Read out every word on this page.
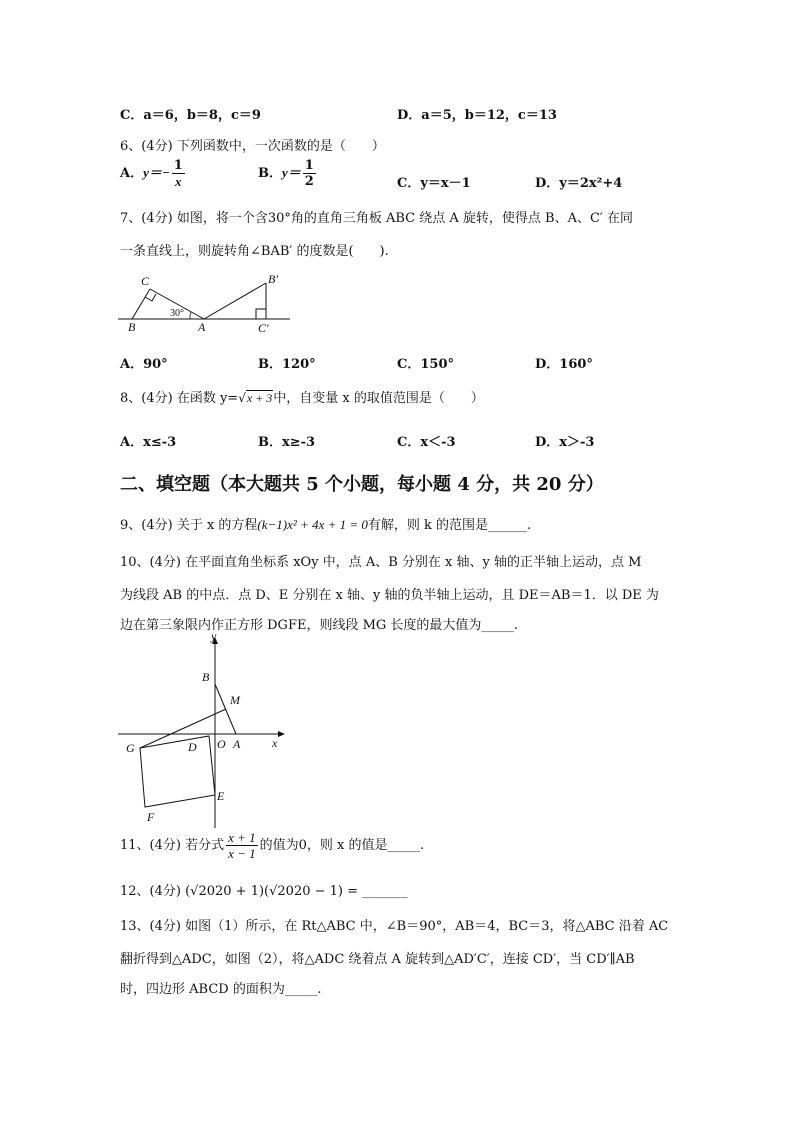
C．a＝6，b＝8，c＝9	D．a＝5，b＝12，c＝13
6、(4分) 下列函数中，一次函数的是（　　）
A．$y=- \frac{1}{x}$	B．$y= \frac{1}{2}$	C．y＝x－1	D．y＝2x²+4
7、(4分) 如图，将一个含30°角的直角三角板 ABC 绕点 A 旋转，使得点 B、A、C′ 在同
一条直线上，则旋转角∠BAB′ 的度数是(　　).
C
B	A
30°
B′
C′
A．90°	B．120°	C．150°	D．160°
8、(4分) 在函数 y=√x + 3中，自变量 x 的取值范围是（　　）
A．x≤-3	B．x≥-3	C．x＜-3	D．x＞-3
二、填空题（本大题共 5 个小题，每小题 4 分，共 20 分）
9、(4分) 关于 x 的方程(k−1)x² + 4x + 1 = 0有解，则 k 的范围是______.
10、(4分) 在平面直角坐标系 xOy 中，点 A、B 分别在 x 轴、y 轴的正半轴上运动，点 M
为线段 AB 的中点．点 D、E 分别在 x 轴、y 轴的负半轴上运动，且 DE＝AB＝1．以 DE 为
边在第三象限内作正方形 DGFE，则线段 MG 长度的最大值为_____.
y
x
B
M
G	D O A
E
F
11、(4分) 若分式 $\frac{x + 1}{x - 1}$ 的值为0，则 x 的值是_____.
12、(4分) (√2020 + 1)(√2020 − 1) = _______
13、(4分) 如图（1）所示，在 Rt△ABC 中，∠B＝90°，AB＝4，BC＝3，将△ABC 沿着 AC
翻折得到△ADC，如图（2），将△ADC 绕着点 A 旋转到△AD′C′，连接 CD′，当 CD′∥AB
时，四边形 ABCD 的面积为_____.
